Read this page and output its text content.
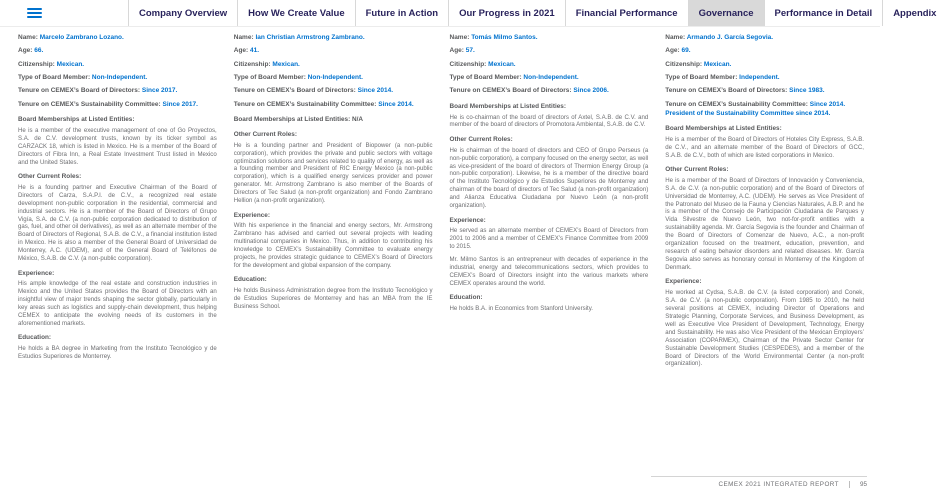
Company Overview	How We Create Value	Future in Action	Our Progress in 2021	Financial Performance	Governance	Performance in Detail	Appendix
Name: Marcelo Zambrano Lozano.
Age: 66.
Citizenship: Mexican.
Type of Board Member: Non-Independent.
Tenure on CEMEX’s Board of Directors: Since 2017.
Tenure on CEMEX’s Sustainability Committee: Since 2017.
Board Memberships at Listed Entities:

He is a member of the executive management of one of Go Proyectos, S.A. de C.V. development trusts, known by its ticker symbol as CARZACK 18, which is listed in Mexico. He is a member of the Board of Directors of Fibra Inn, a Real Estate Investment Trust listed in Mexico and the United States.

Other Current Roles:

He is a founding partner and Executive Chairman of the Board of Directors of Carza, S.A.P.I. de C.V., a recognized real estate development non-public corporation in the residential, commercial and industrial sectors. He is a member of the Board of Directors of Grupo Vigía, S.A. de C.V. (a non-public corporation dedicated to distribution of gas, fuel, and other oil derivatives), as well as an alternate member of the Board of Directors of Regional, S.A.B. de C.V., a financial institution listed in Mexico. He is also a member of the General Board of Universidad de Monterrey, A.C. (UDEM), and of the General Board of Teléfonos de México, S.A.B. de C.V. (a non-public corporation).

Experience:

His ample knowledge of the real estate and construction industries in Mexico and the United States provides the Board of Directors with an insightful view of major trends shaping the sector globally, particularly in key areas such as logistics and supply-chain development, thus helping CEMEX to anticipate the evolving needs of its customers in the aforementioned markets.

Education:

He holds a BA degree in Marketing from the Instituto Tecnológico y de Estudios Superiores de Monterrey.

Name: Ian Christian Armstrong Zambrano.
Age: 41.
Citizenship: Mexican.
Type of Board Member: Non-Independent.
Tenure on CEMEX’s Board of Directors: Since 2014.
Tenure on CEMEX’s Sustainability Committee: Since 2014.
Board Memberships at Listed Entities: N/A
Other Current Roles:

He is a founding partner and President of Biopower (a non-public corporation), which provides the private and public sectors with voltage optimization solutions and services related to quality of energy, as well as a founding member and President of RIC Energy Mexico (a non-public corporation), which is a qualified energy services provider and power generator. Mr. Armstrong Zambrano is also member of the Boards of Directors of Tec Salud (a non-profit organization) and Fondo Zambrano Hellion (a non-profit organization).

Experience:

With his experience in the financial and energy sectors, Mr. Armstrong Zambrano has advised and carried out several projects with leading multinational companies in Mexico. Thus, in addition to contributing his knowledge to CEMEX’s Sustainability Committee to evaluate energy projects, he provides strategic guidance to CEMEX’s Board of Directors for the development and global expansion of the company.

Education:

He holds Business Administration degree from the Instituto Tecnológico y de Estudios Superiores de Monterrey and has an MBA from the IE Business School.

Name: Tomás Milmo Santos.
Age: 57.
Citizenship: Mexican.
Type of Board Member: Non-Independent.
Tenure on CEMEX’s Board of Directors: Since 2006.
Board Memberships at Listed Entities:

He is co-chairman of the board of directors of Axtel, S.A.B. de C.V. and member of the board of directors of Promotora Ambiental, S.A.B. de C.V.

Other Current Roles:

He is chairman of the board of directors and CEO of Grupo Perseus (a non-public corporation), a company focused on the energy sector, as well as vice-president of the board of directors of Thermion Energy Group (a non-public corporation). Likewise, he is a member of the directive board of the Instituto Tecnológico y de Estudios Superiores de Monterrey and chairman of the board of directors of Tec Salud (a non-profit organization) and Alianza Educativa Ciudadana por Nuevo León (a non-profit organization).

Experience:

He served as an alternate member of CEMEX’s Board of Directors from 2001 to 2006 and a member of CEMEX’s Finance Committee from 2009 to 2015.

Mr. Milmo Santos is an entrepreneur with decades of experience in the industrial, energy and telecommunications sectors, which provides to CEMEX’s Board of Directors insight into the various markets where CEMEX operates around the world.

Education:

He holds B.A. in Economics from Stanford University.

Name: Armando J. García Segovia.
Age: 69.
Citizenship: Mexican.
Type of Board Member: Independent.
Tenure on CEMEX’s Board of Directors: Since 1983.
Tenure on CEMEX’s Sustainability Committee: Since 2014. President of the Sustainability Committee since 2014.
Board Memberships at Listed Entities:

He is a member of the Board of Directors of Hoteles City Express, S.A.B. de C.V., and an alternate member of the Board of Directors of GCC, S.A.B. de C.V., both of which are listed corporations in Mexico.

Other Current Roles:

He is a member of the Board of Directors of Innovación y Conveniencia, S.A. de C.V. (a non-public corporation) and of the Board of Directors of Universidad de Monterrey, A.C. (UDEM). He serves as Vice President of the Patronato del Museo de la Fauna y Ciencias Naturales, A.B.P. and he is a member of the Consejo de Participación Ciudadana de Parques y Vida Silvestre de Nuevo León, two not-for-profit entities with a sustainability agenda. Mr. García Segovia is the founder and Chairman of the Board of Directors of Comenzar de Nuevo, A.C., a non-profit organization focused on the treatment, education, prevention, and research of eating behavior disorders and related diseases. Mr. García Segovia also serves as honorary consul in Monterrey of the Kingdom of Denmark.

Experience:

He worked at Cydsa, S.A.B. de C.V. (a listed corporation) and Conek, S.A. de C.V. (a non-public corporation). From 1985 to 2010, he held several positions at CEMEX, including Director of Operations and Strategic Planning, Corporate Services, and Business Development, as well as Executive Vice President of Development, Technology, Energy and Sustainability. He was also Vice President of the Mexican Employers’ Association (COPARMEX), Chairman of the Private Sector Center for Sustainable Development Studies (CESPEDES), and a member of the Board of Directors of the World Environmental Center (a non-profit organization).

CEMEX 2021 INTEGRATED REPORT	95
